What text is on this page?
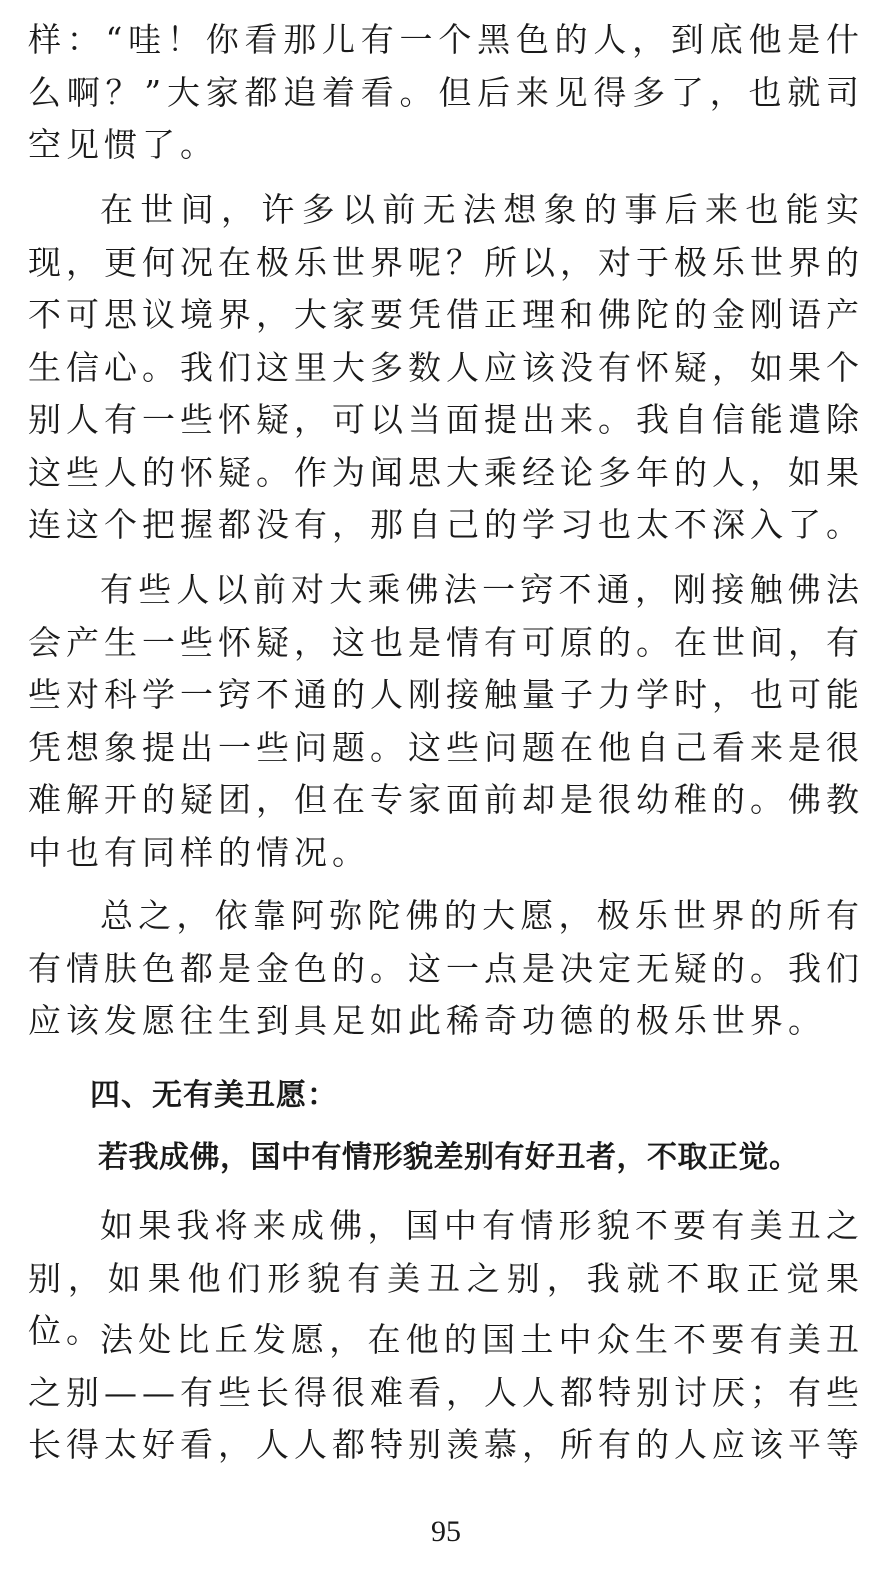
样：“哇！你看那儿有一个黑色的人，到底他是什么啊？”大家都追着看。但后来见得多了，也就司空见惯了。

在世间，许多以前无法想象的事后来也能实现，更何况在极乐世界呢？所以，对于极乐世界的不可思议境界，大家要凭借正理和佛陀的金刚语产生信心。我们这里大多数人应该没有怀疑，如果个别人有一些怀疑，可以当面提出来。我自信能遣除这些人的怀疑。作为闻思大乘经论多年的人，如果连这个把握都没有，那自己的学习也太不深入了。

有些人以前对大乘佛法一窍不通，刚接触佛法会产生一些怀疑，这也是情有可原的。在世间，有些对科学一窍不通的人刚接触量子力学时，也可能凭想象提出一些问题。这些问题在他自己看来是很难解开的疑团，但在专家面前却是很幼稚的。佛教中也有同样的情况。

总之，依靠阿弥陀佛的大愿，极乐世界的所有有情肤色都是金色的。这一点是决定无疑的。我们应该发愿往生到具足如此稀奇功德的极乐世界。

四、无有美丑愿：

若我成佛，国中有情形貌差别有好丑者，不取正觉。

如果我将来成佛，国中有情形貌不要有美丑之别，如果他们形貌有美丑之别，我就不取正觉果位。

法处比丘发愿，在他的国土中众生不要有美丑之别——有些长得很难看，人人都特别讨厌；有些长得太好看，人人都特别羡慕，所有的人应该平等

95
